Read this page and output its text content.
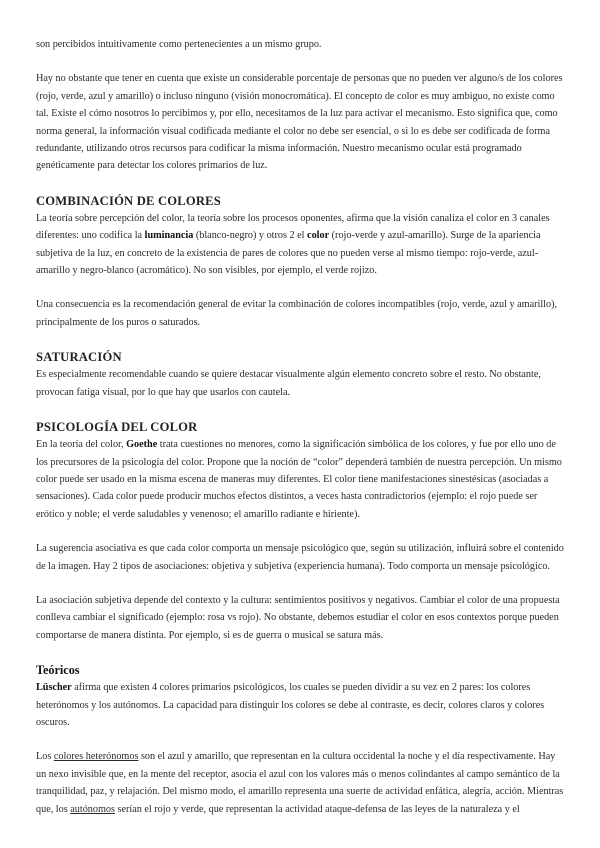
son percibidos intuitivamente como pertenecientes a un mismo grupo.

Hay no obstante que tener en cuenta que existe un considerable porcentaje de personas que no pueden ver alguno/s de los colores (rojo, verde, azul y amarillo) o incluso ninguno (visión monocromática). El concepto de color es muy ambiguo, no existe como tal. Existe el cómo nosotros lo percibimos y, por ello, necesitamos de la luz para activar el mecanismo. Esto significa que, como norma general, la información visual codificada mediante el color no debe ser esencial, o si lo es debe ser codificada de forma redundante, utilizando otros recursos para codificar la misma información. Nuestro mecanismo ocular está programado genéticamente para detectar los colores primarios de luz.

COMBINACIÓN DE COLORES

La teoría sobre percepción del color, la teoría sobre los procesos oponentes, afirma que la visión canaliza el color en 3 canales diferentes: uno codifica la luminancia (blanco-negro) y otros 2 el color (rojo-verde y azul-amarillo). Surge de la apariencia subjetiva de la luz, en concreto de la existencia de pares de colores que no pueden verse al mismo tiempo: rojo-verde, azul-amarillo y negro-blanco (acromático). No son visibles, por ejemplo, el verde rojizo.

Una consecuencia es la recomendación general de evitar la combinación de colores incompatibles (rojo, verde, azul y amarillo), principalmente de los puros o saturados.

SATURACIÓN

Es especialmente recomendable cuando se quiere destacar visualmente algún elemento concreto sobre el resto. No obstante, provocan fatiga visual, por lo que hay que usarlos con cautela.

PSICOLOGÍA DEL COLOR

En la teoría del color, Goethe trata cuestiones no menores, como la significación simbólica de los colores, y fue por ello uno de los precursores de la psicología del color. Propone que la noción de “color” dependerá también de nuestra percepción. Un mismo color puede ser usado en la misma escena de maneras muy diferentes. El color tiene manifestaciones sinestésicas (asociadas a sensaciones). Cada color puede producir muchos efectos distintos, a veces hasta contradictorios (ejemplo: el rojo puede ser erótico y noble; el verde saludables y venenoso; el amarillo radiante e hiriente).

La sugerencia asociativa es que cada color comporta un mensaje psicológico que, según su utilización, influirá sobre el contenido de la imagen. Hay 2 tipos de asociaciones: objetiva y subjetiva (experiencia humana). Todo comporta un mensaje psicológico.

La asociación subjetiva depende del contexto y la cultura: sentimientos positivos y negativos. Cambiar el color de una propuesta conlleva cambiar el significado (ejemplo: rosa vs rojo). No obstante, debemos estudiar el color en esos contextos porque pueden comportarse de manera distinta. Por ejemplo, si es de guerra o musical se satura más.

Teóricos

Lüscher afirma que existen 4 colores primarios psicológicos, los cuales se pueden dividir a su vez en 2 pares: los colores heterónomos y los autónomos. La capacidad para distinguir los colores se debe al contraste, es decir, colores claros y colores oscuros.

Los colores heterónomos son el azul y amarillo, que representan en la cultura occidental la noche y el día respectivamente. Hay un nexo invisible que, en la mente del receptor, asocia el azul con los valores más o menos colindantes al campo semántico de la tranquilidad, paz, y relajación. Del mismo modo, el amarillo representa una suerte de actividad enfática, alegría, acción. Mientras que, los autónomos serían el rojo y verde, que representan la actividad ataque-defensa de las leyes de la naturaleza y el
